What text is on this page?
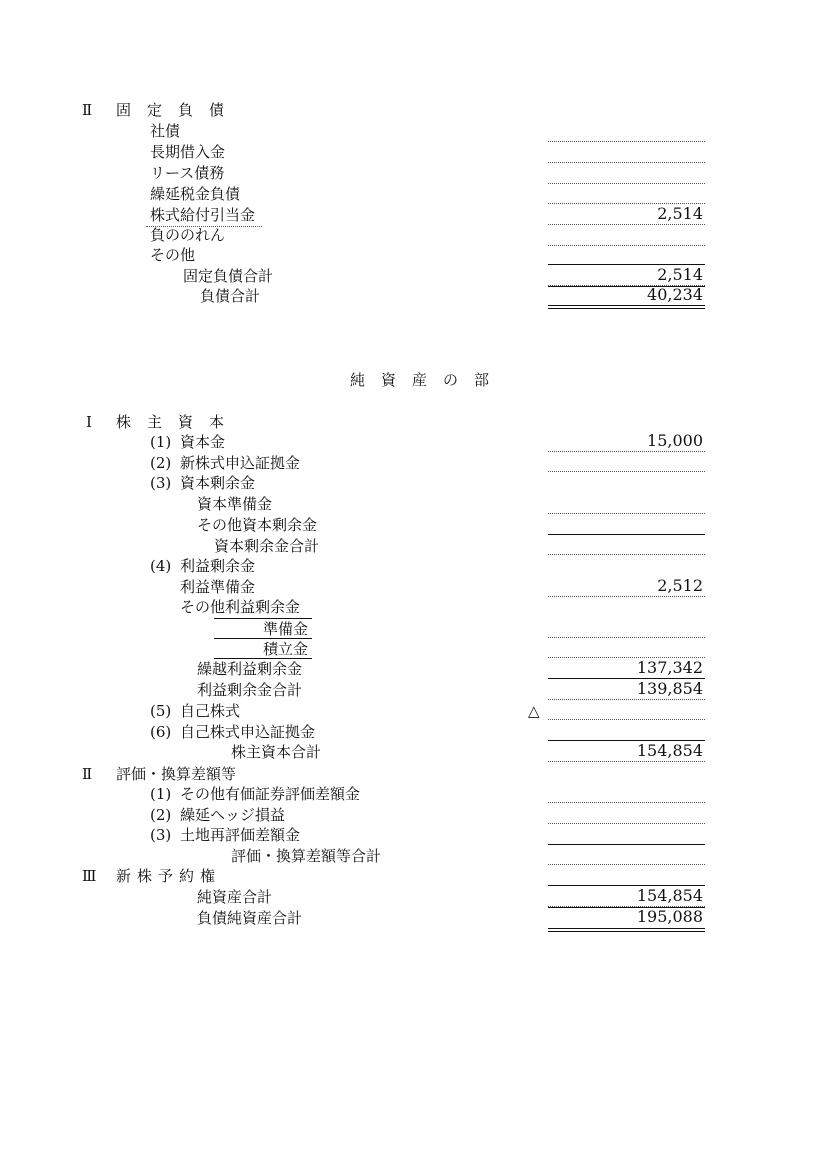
Ⅱ 固定負債
社債
長期借入金
リース債務
繰延税金負債
株式給付引当金	2,514
負ののれん
その他
固定負債合計	2,514
負債合計	40,234
純資産の部
Ⅰ 株主資本
(1) 資本金	15,000
(2) 新株式申込証拠金
(3) 資本剰余金
資本準備金
その他資本剰余金
資本剰余金合計
(4) 利益剰余金
利益準備金	2,512
その他利益剰余金
準備金
積立金
繰越利益剰余金	137,342
利益剰余金合計	139,854
(5) 自己株式	△
(6) 自己株式申込証拠金
株主資本合計	154,854
Ⅱ 評価・換算差額等
(1) その他有価証券評価差額金
(2) 繰延ヘッジ損益
(3) 土地再評価差額金
評価・換算差額等合計
Ⅲ 新株予約権
純資産合計	154,854
負債純資産合計	195,088
